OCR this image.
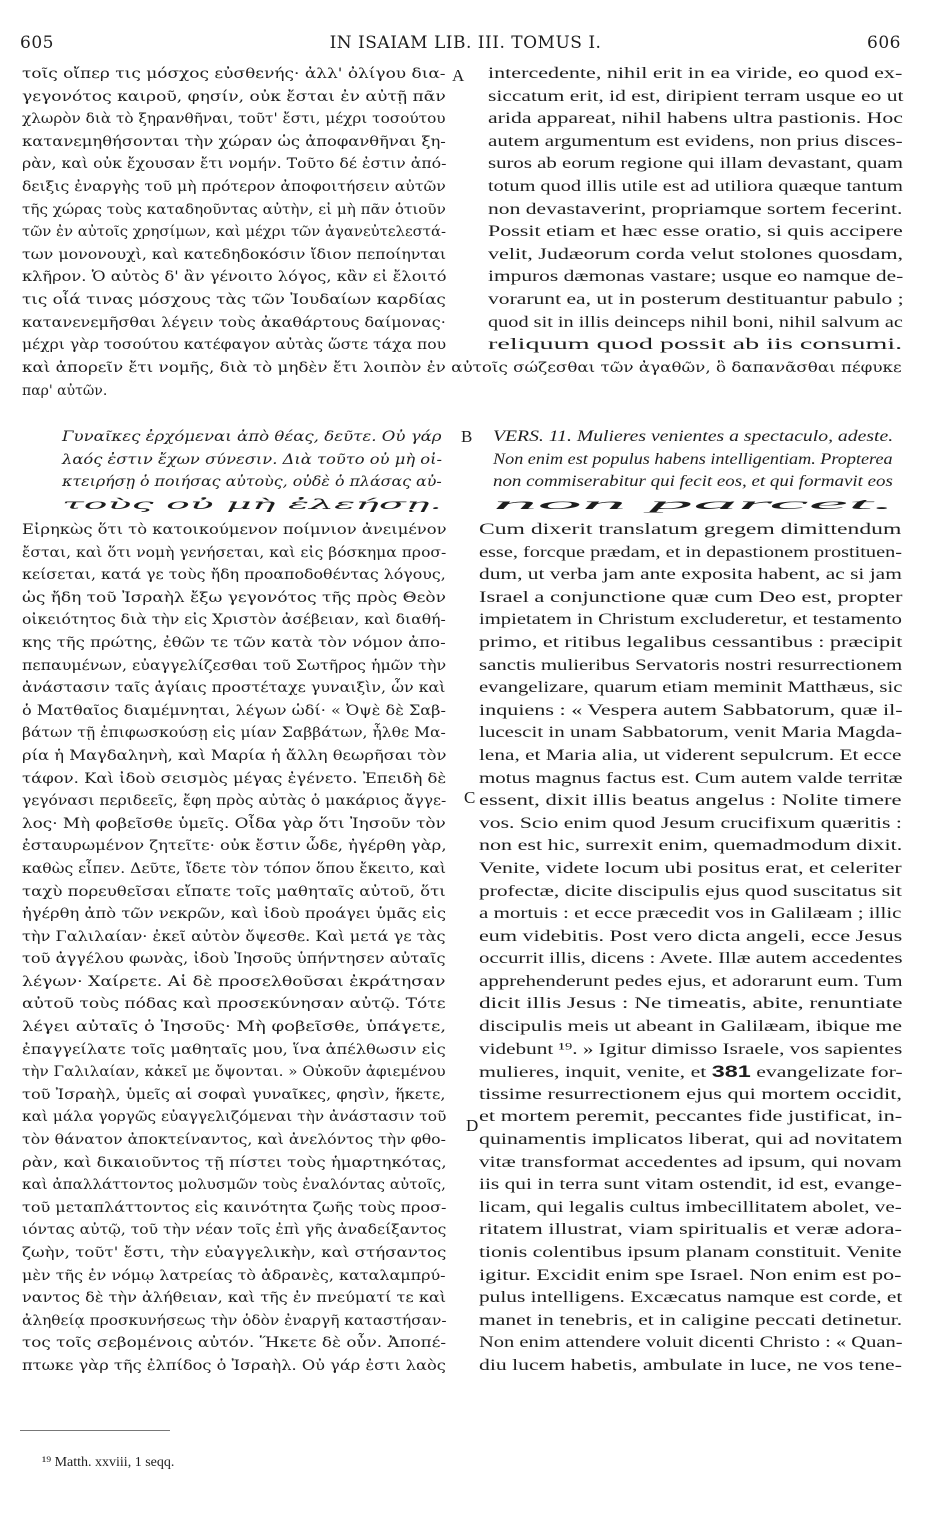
605	IN ISAIAM LIB. III. TOMUS I.	606
τοῖς οἴπερ τις μόσχος εὐσθενής· ἀλλ' ὀλίγου δια-
γεγονότος καιροῦ, φησίν, οὐκ ἔσται ἐν αὐτῇ πᾶν
χλωρὸν διὰ τὸ ξηρανθῆναι, τοῦτ' ἔστι, μέχρι τοσούτου
κατανεμηθήσονται τὴν χώραν ὡς ἀποφανθῆναι ξη-
ρὰν, καὶ οὐκ ἔχουσαν ἔτι νομήν. Τοῦτο δέ ἐστιν ἀπό-
δειξις ἐναργὴς τοῦ μὴ πρότερον ἀποφοιτήσειν αὐτῶν
τῆς χώρας τοὺς καταδηοῦντας αὐτὴν, εἰ μὴ πᾶν ὁτιοῦν
τῶν ἐν αὐτοῖς χρησίμων, καὶ μέχρι τῶν ἀγανεὐτελεστά-
των μονονουχὶ, καὶ κατεδηδοκόσιν ἴδιον πεποίηνται
κλῆρον. Ὁ αὐτὸς δ' ἂν γένοιτο λόγος, κἂν εἰ ἔλοιτό
τις οἷά τινας μόσχους τὰς τῶν Ἰουδαίων καρδίας
κατανενεμῆσθαι λέγειν τοὺς ἀκαθάρτους δαίμονας·
μέχρι γὰρ τοσούτου κατέφαγον αὐτὰς ὥστε τάχα που
intercedente, nihil erit in ea viride, eo quod ex-
siccatum erit, id est, diripient terram usque eo ut
arida appareat, nihil habens ultra pastionis. Hoc
autem argumentum est evidens, non prius disces-
suros ab eorum regione qui illam devastant, quam
totum quod illis utile est ad utiliora quæque tantum
non devastaverint, propriamque sortem fecerint.
Possit etiam et hæc esse oratio, si quis accipere
velit, Judæorum corda velut stolones quosdam,
impuros dæmonas vastare; usque eo namque de-
vorarunt ea, ut in posterum destituantur pabulo ;
quod sit in illis deinceps nihil boni, nihil salvum ac
reliquum quod possit ab iis consumi.
καὶ ἀπορεῖν ἔτι νομῆς, διὰ τὸ μηδὲν ἔτι λοιπὸν ἐν αὐτοῖς σώζεσθαι τῶν ἀγαθῶν, ὃ δαπανᾶσθαι πέφυκε
παρ' αὐτῶν.
Γυναῖκες ἐρχόμεναι ἀπὸ θέας, δεῦτε. Οὐ γάρ
λαός ἐστιν ἔχων σύνεσιν. Διὰ τοῦτο οὐ μὴ οἰ-
κτειρήσῃ ὁ ποιήσας αὐτοὺς, οὐδὲ ὁ πλάσας αὐ-
τοὺς οὐ μὴ ἐλεήσῃ.
VERS. 11. Mulieres venientes a spectaculo, adeste.
Non enim est populus habens intelligentiam. Propterea
non commiserabitur qui fecit eos, et qui formavit eos
non parcet.
Εἰρηκὼς ὅτι τὸ κατοικούμενον ποίμνιον ἀνειμένον
ἔσται, καὶ ὅτι νομὴ γενήσεται, καὶ εἰς βόσκημα προσ-
κείσεται, κατά γε τοὺς ἤδη προαποδοθέντας λόγους,
ὡς ἤδη τοῦ Ἰσραὴλ ἔξω γεγονότος τῆς πρὸς Θεὸν
οἰκειότητος διὰ τὴν εἰς Χριστὸν ἀσέβειαν, καὶ διαθή-
κης τῆς πρώτης, ἐθῶν τε τῶν κατὰ τὸν νόμον ἀπο-
πεπαυμένων, εὐαγγελίζεσθαι τοῦ Σωτῆρος ἡμῶν τὴν
ἀνάστασιν ταῖς ἁγίαις προστέταχε γυναιξὶν, ὧν καὶ
ὁ Ματθαῖος διαμέμνηται, λέγων ὡδί· « Ὀψὲ δὲ Σαβ-
βάτων τῇ ἐπιφωσκούσῃ εἰς μίαν Σαββάτων, ἦλθε Μα-
ρία ἡ Μαγδαληνὴ, καὶ Μαρία ἡ ἄλλη θεωρῆσαι τὸν
τάφον. Καὶ ἰδοὺ σεισμὸς μέγας ἐγένετο. Ἐπειδὴ δὲ
γεγόνασι περιδεεῖς, ἔφη πρὸς αὐτὰς ὁ μακάριος ἄγγε-
λος· Μὴ φοβεῖσθε ὑμεῖς. Οἶδα γὰρ ὅτι Ἰησοῦν τὸν
ἐσταυρωμένον ζητεῖτε· οὐκ ἔστιν ὧδε, ἠγέρθη γὰρ,
καθὼς εἶπεν. Δεῦτε, ἴδετε τὸν τόπον ὅπου ἔκειτο, καὶ
ταχὺ πορευθεῖσαι εἴπατε τοῖς μαθηταῖς αὐτοῦ, ὅτι
ἠγέρθη ἀπὸ τῶν νεκρῶν, καὶ ἰδοὺ προάγει ὑμᾶς εἰς
τὴν Γαλιλαίαν· ἐκεῖ αὐτὸν ὄψεσθε. Καὶ μετά γε τὰς
τοῦ ἀγγέλου φωνὰς, ἰδοὺ Ἰησοῦς ὑπήντησεν αὐταῖς
λέγων· Χαίρετε. Αἱ δὲ προσελθοῦσαι ἐκράτησαν
αὐτοῦ τοὺς πόδας καὶ προσεκύνησαν αὐτῷ. Τότε
λέγει αὐταῖς ὁ Ἰησοῦς· Μὴ φοβεῖσθε, ὑπάγετε,
ἐπαγγείλατε τοῖς μαθηταῖς μου, ἵνα ἀπέλθωσιν εἰς
τὴν Γαλιλαίαν, κἀκεῖ με ὄψονται. » Οὐκοῦν ἀφιεμένου
τοῦ Ἰσραὴλ, ὑμεῖς αἱ σοφαὶ γυναῖκες, φησὶν, ἥκετε,
καὶ μάλα γοργῶς εὐαγγελιζόμεναι τὴν ἀνάστασιν τοῦ
τὸν θάνατον ἀποκτείναντος, καὶ ἀνελόντος τὴν φθο-
ρὰν, καὶ δικαιοῦντος τῇ πίστει τοὺς ἡμαρτηκότας,
καὶ ἀπαλλάττοντος μολυσμῶν τοὺς ἐναλόντας αὐτοῖς,
τοῦ μεταπλάττοντος εἰς καινότητα ζωῆς τοὺς προσ-
ιόντας αὐτῷ, τοῦ τὴν νέαν τοῖς ἐπὶ γῆς ἀναδείξαντος
ζωὴν, τοῦτ' ἔστι, τὴν εὐαγγελικὴν, καὶ στήσαντος
μὲν τῆς ἐν νόμῳ λατρείας τὸ ἀδρανὲς, καταλαμπρύ-
ναντος δὲ τὴν ἀλήθειαν, καὶ τῆς ἐν πνεύματί τε καὶ
ἀληθείᾳ προσκυνήσεως τὴν ὁδὸν ἐναργῆ καταστήσαν-
τος τοῖς σεβομένοις αὐτόν. Ἥκετε δὲ οὖν. Ἀποπέ-
πτωκε γὰρ τῆς ἐλπίδος ὁ Ἰσραὴλ. Οὐ γάρ ἐστι λαὸς
Cum dixerit translatum gregem dimittendum
esse, forcque prædam, et in depastionem prostituen-
dum, ut verba jam ante exposita habent, ac si jam
Israel a conjunctione quæ cum Deo est, propter
impietatem in Christum excluderetur, et testamento
primo, et ritibus legalibus cessantibus : præcipit
sanctis mulieribus Servatoris nostri resurrectionem
evangelizare, quarum etiam meminit Matthæus, sic
inquiens : « Vespera autem Sabbatorum, quæ il-
lucescit in unam Sabbatorum, venit Maria Magda-
lena, et Maria alia, ut viderent sepulcrum. Et ecce
motus magnus factus est. Cum autem valde territæ
essent, dixit illis beatus angelus : Nolite timere
vos. Scio enim quod Jesum crucifixum quæritis :
non est hic, surrexit enim, quemadmodum dixit.
Venite, videte locum ubi positus erat, et celeriter
profectæ, dicite discipulis ejus quod suscitatus sit
a mortuis : et ecce præcedit vos in Galilæam ; illic
eum videbitis. Post vero dicta angeli, ecce Jesus
occurrit illis, dicens : Avete. Illæ autem accedentes
apprehenderunt pedes ejus, et adorarunt eum. Tum
dicit illis Jesus : Ne timeatis, abite, renuntiate
discipulis meis ut abeant in Galilæam, ibique me
videbunt ¹⁹. » Igitur dimisso Israele, vos sapientes
mulieres, inquit, venite, et 381 evangelizate for-
tissime resurrectionem ejus qui mortem occidit,
et mortem peremit, peccantes fide justificat, in-
quinamentis implicatos liberat, qui ad novitatem
vitæ transformat accedentes ad ipsum, qui novam
iis qui in terra sunt vitam ostendit, id est, evange-
licam, qui legalis cultus imbecillitatem abolet, ve-
ritatem illustrat, viam spiritualis et veræ adora-
tionis colentibus ipsum planam constituit. Venite
igitur. Excidit enim spe Israel. Non enim est po-
pulus intelligens. Excæcatus namque est corde, et
manet in tenebris, et in caligine peccati detinetur.
Non enim attendere voluit dicenti Christo : « Quan-
diu lucem habetis, ambulate in luce, ne vos tene-
A
B
C
D
¹⁹ Matth. xxviii, 1 seqq.
